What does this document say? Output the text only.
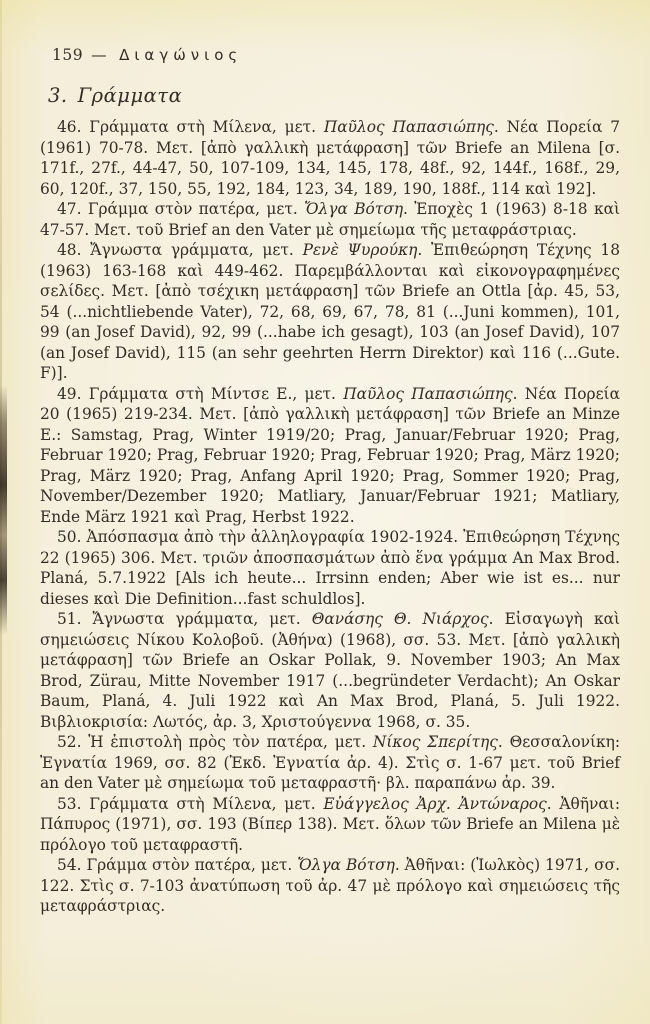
159 — Διαγώνιος
3. Γράμματα

46. Γράμματα στὴ Μίλενα, μετ. Παῦλος Παπασιώπης. Νέα Πορεία 7 (1961) 70-78. Μετ. [ἀπὸ γαλλικὴ μετάφραση] τῶν Briefe an Milena [σ. 171f., 27f., 44-47, 50, 107-109, 134, 145, 178, 48f., 92, 144f., 168f., 29, 60, 120f., 37, 150, 55, 192, 184, 123, 34, 189, 190, 188f., 114 καὶ 192].

47. Γράμμα στὸν πατέρα, μετ. Ὄλγα Βότση. Ἐποχὲς 1 (1963) 8-18 καὶ 47-57. Μετ. τοῦ Brief an den Vater μὲ σημείωμα τῆς μεταφράστριας.

48. Ἄγνωστα γράμματα, μετ. Ρενὲ Ψυρούκη. Ἐπιθεώρηση Τέχνης 18 (1963) 163-168 καὶ 449-462. Παρεμβάλλονται καὶ εἰκονογραφημένες σελίδες. Μετ. [ἀπὸ τσέχικη μετάφραση] τῶν Briefe an Ottla [ἀρ. 45, 53, 54 (...nichtliebende Vater), 72, 68, 69, 67, 78, 81 (...Juni kommen), 101, 99 (an Josef David), 92, 99 (...habe ich gesagt), 103 (an Josef David), 107 (an Josef David), 115 (an sehr geehrten Herrn Direktor) καὶ 116 (...Gute. F)].

49. Γράμματα στὴ Μίντσε Ε., μετ. Παῦλος Παπασιώπης. Νέα Πορεία 20 (1965) 219-234. Μετ. [ἀπὸ γαλλικὴ μετάφραση] τῶν Briefe an Minze E.: Samstag, Prag, Winter 1919/20; Prag, Januar/Februar 1920; Prag, Februar 1920; Prag, Februar 1920; Prag, Februar 1920; Prag, März 1920; Prag, März 1920; Prag, Anfang April 1920; Prag, Sommer 1920; Prag, November/Dezember 1920; Matliary, Januar/Februar 1921; Matliary, Ende März 1921 καὶ Prag, Herbst 1922.

50. Ἀπόσπασμα ἀπὸ τὴν ἀλληλογραφία 1902-1924. Ἐπιθεώρηση Τέχνης 22 (1965) 306. Μετ. τριῶν ἀποσπασμάτων ἀπὸ ἕνα γράμμα An Max Brod. Planá, 5.7.1922 [Als ich heute... Irrsinn enden; Aber wie ist es... nur dieses καὶ Die Definition...fast schuldlos].

51. Ἄγνωστα γράμματα, μετ. Θανάσης Θ. Νιάρχος. Εἰσαγωγὴ καὶ σημειώσεις Νίκου Κολοβοῦ. (Ἀθήνα) (1968), σσ. 53. Μετ. [ἀπὸ γαλλικὴ μετάφραση] τῶν Briefe an Oskar Pollak, 9. November 1903; An Max Brod, Zürau, Mitte November 1917 (...begründeter Verdacht); An Oskar Baum, Planá, 4. Juli 1922 καὶ An Max Brod, Planá, 5. Juli 1922. Βιβλιοκρισία: Λωτός, ἀρ. 3, Χριστούγεννα 1968, σ. 35.

52. Ἡ ἐπιστολὴ πρὸς τὸν πατέρα, μετ. Νίκος Σπερίτης. Θεσσαλονίκη: Ἐγνατία 1969, σσ. 82 (Ἐκδ. Ἐγνατία ἀρ. 4). Στὶς σ. 1-67 μετ. τοῦ Brief an den Vater μὲ σημείωμα τοῦ μεταφραστῆ· βλ. παραπάνω ἀρ. 39.

53. Γράμματα στὴ Μίλενα, μετ. Εὐάγγελος Ἀρχ. Ἀντώναρος. Ἀθῆναι: Πάπυρος (1971), σσ. 193 (Βίπερ 138). Μετ. ὅλων τῶν Briefe an Milena μὲ πρόλογο τοῦ μεταφραστῆ.

54. Γράμμα στὸν πατέρα, μετ. Ὄλγα Βότση. Ἀθῆναι: (Ἰωλκὸς) 1971, σσ. 122. Στὶς σ. 7-103 ἀνατύπωση τοῦ ἀρ. 47 μὲ πρόλογο καὶ σημειώσεις τῆς μεταφράστριας.
